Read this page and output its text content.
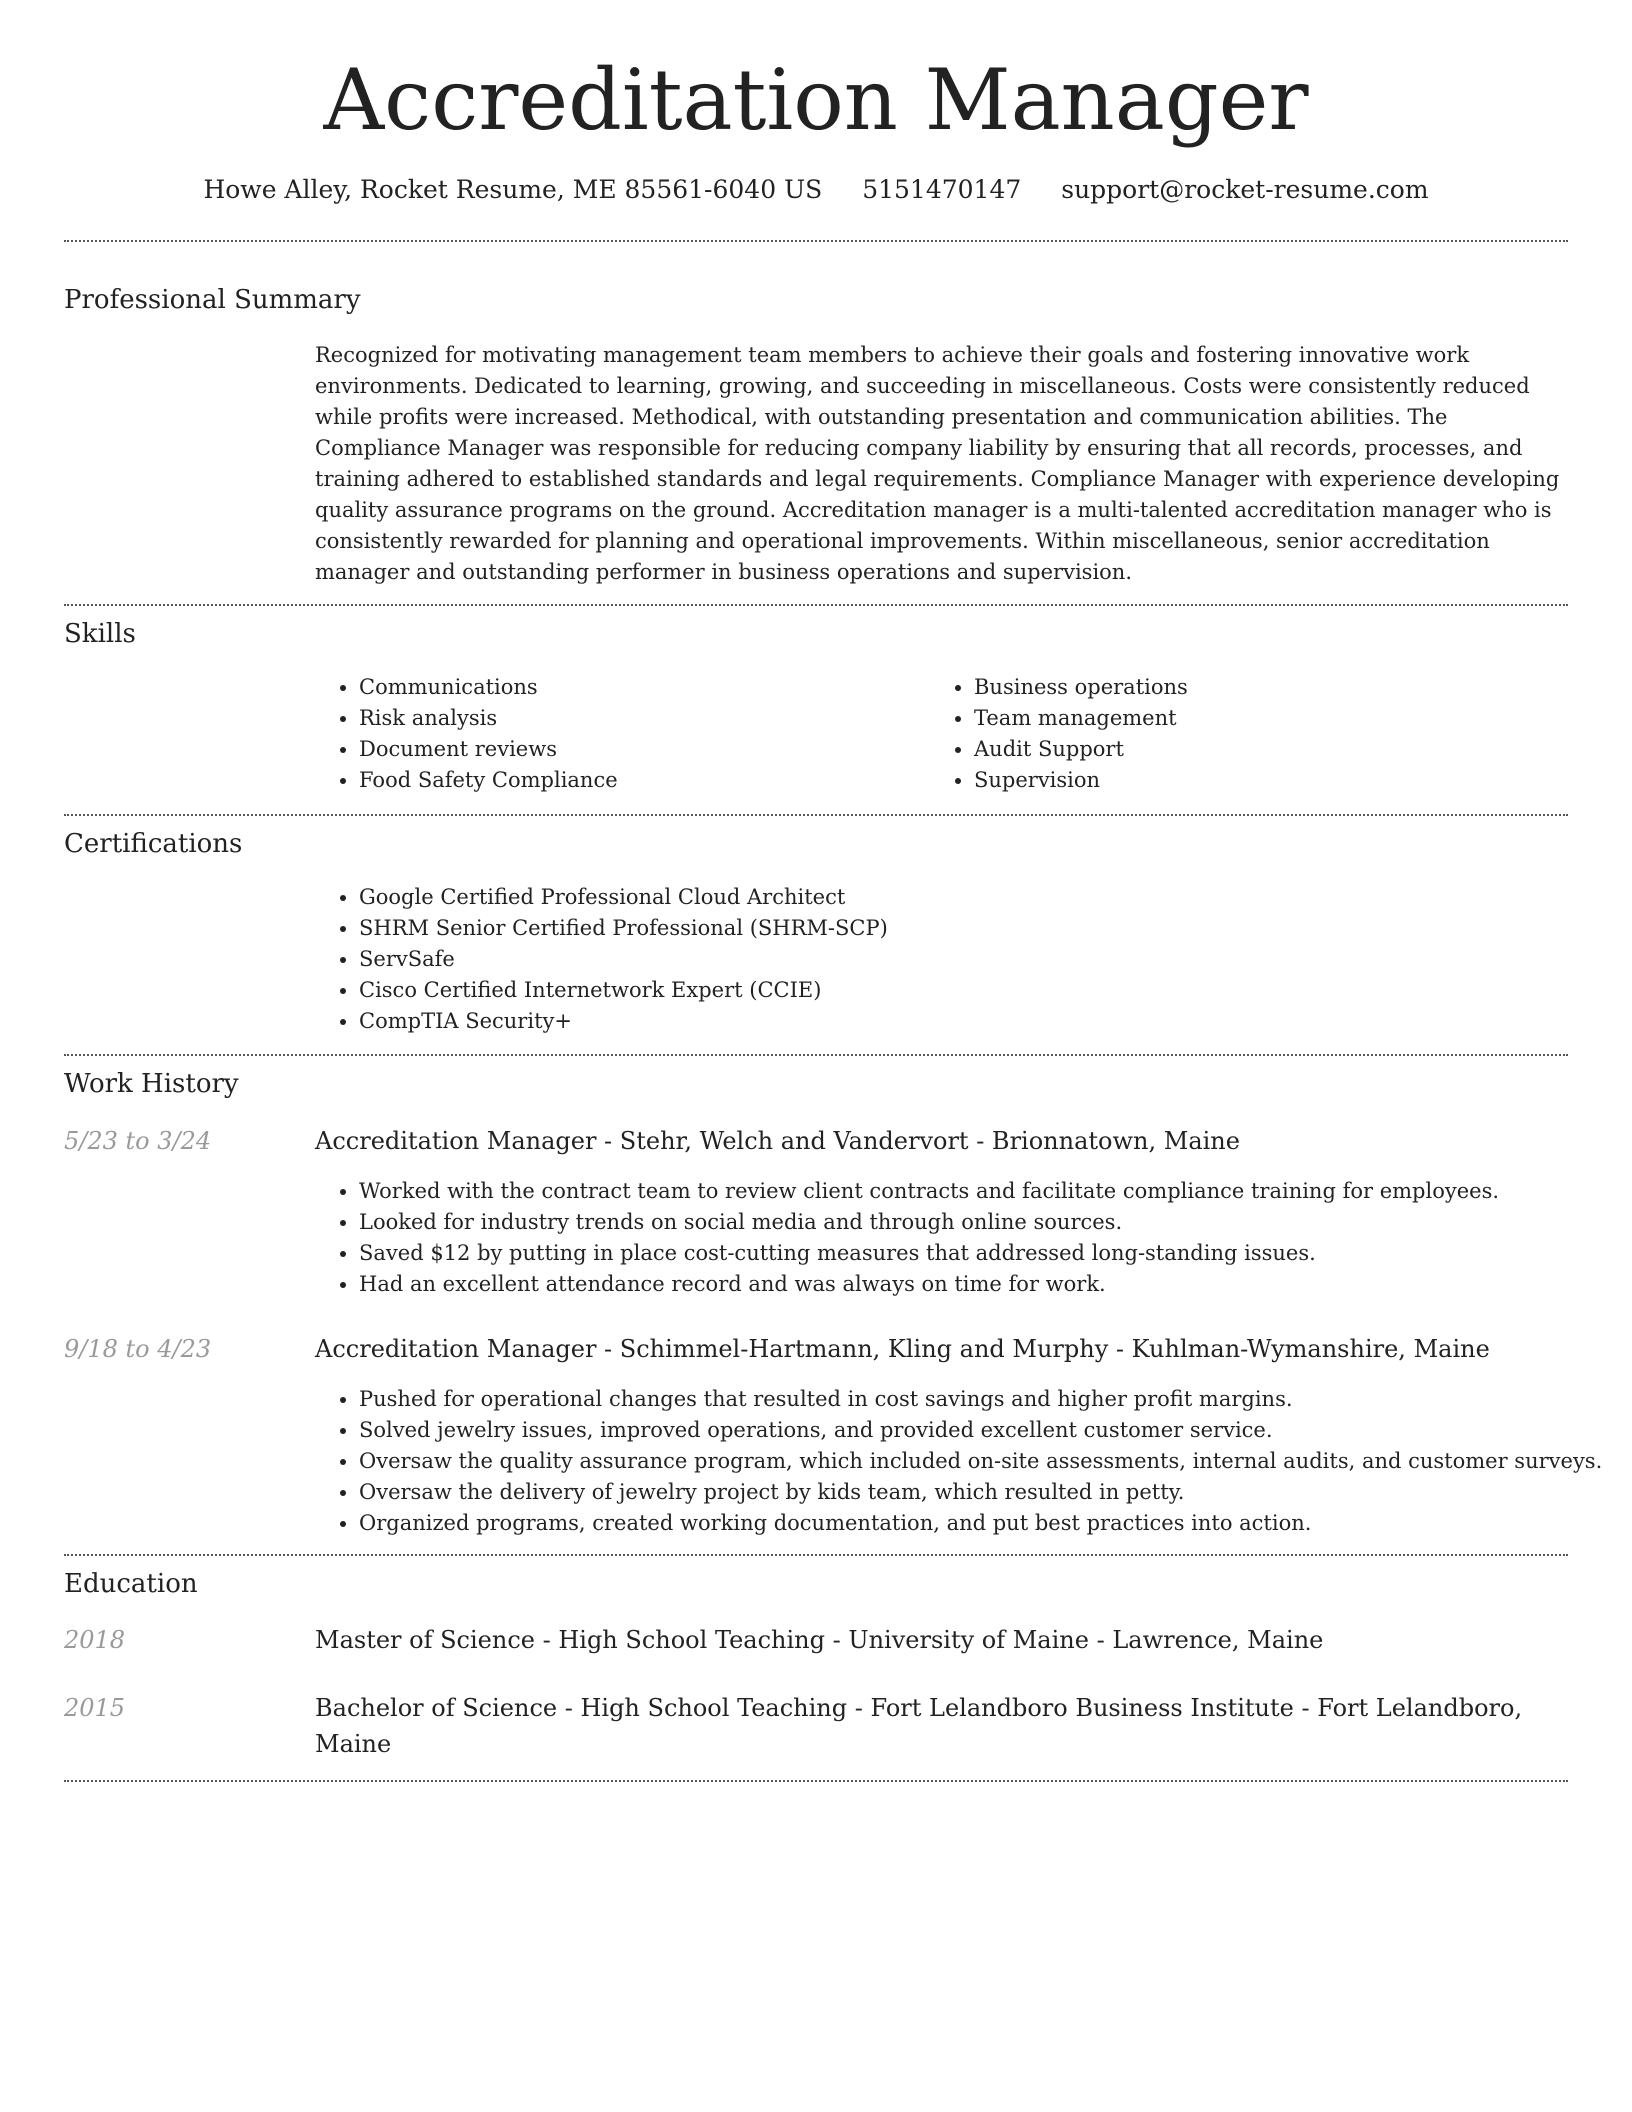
Accreditation Manager
Howe Alley, Rocket Resume, ME 85561-6040 US 5151470147 support@rocket-resume.com
Professional Summary

Recognized for motivating management team members to achieve their goals and fostering innovative work environments. Dedicated to learning, growing, and succeeding in miscellaneous. Costs were consistently reduced while profits were increased. Methodical, with outstanding presentation and communication abilities. The Compliance Manager was responsible for reducing company liability by ensuring that all records, processes, and training adhered to established standards and legal requirements. Compliance Manager with experience developing quality assurance programs on the ground. Accreditation manager is a multi-talented accreditation manager who is consistently rewarded for planning and operational improvements. Within miscellaneous, senior accreditation manager and outstanding performer in business operations and supervision.

Skills
• Communications
• Risk analysis
• Document reviews
• Food Safety Compliance
• Business operations
• Team management
• Audit Support
• Supervision
Certifications
• Google Certified Professional Cloud Architect
• SHRM Senior Certified Professional (SHRM-SCP)
• ServSafe
• Cisco Certified Internetwork Expert (CCIE)
• CompTIA Security+
Work History
5/23 to 3/24	Accreditation Manager - Stehr, Welch and Vandervort - Brionnatown, Maine
• Worked with the contract team to review client contracts and facilitate compliance training for employees.
• Looked for industry trends on social media and through online sources.
• Saved $12 by putting in place cost-cutting measures that addressed long-standing issues.
• Had an excellent attendance record and was always on time for work.
9/18 to 4/23	Accreditation Manager - Schimmel-Hartmann, Kling and Murphy - Kuhlman-Wymanshire, Maine
• Pushed for operational changes that resulted in cost savings and higher profit margins.
• Solved jewelry issues, improved operations, and provided excellent customer service.
• Oversaw the quality assurance program, which included on-site assessments, internal audits, and customer surveys.
• Oversaw the delivery of jewelry project by kids team, which resulted in petty.
• Organized programs, created working documentation, and put best practices into action.
Education
2018	Master of Science - High School Teaching - University of Maine - Lawrence, Maine
2015	Bachelor of Science - High School Teaching - Fort Lelandboro Business Institute - Fort Lelandboro, Maine
